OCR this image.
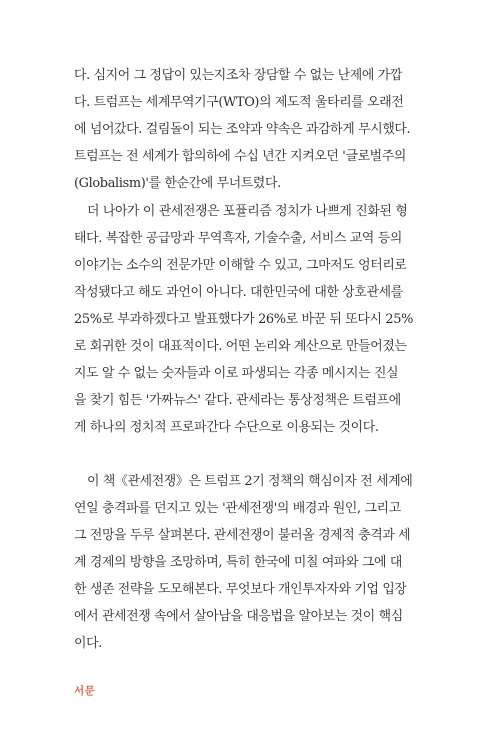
다. 심지어 그 정답이 있는지조차 장담할 수 없는 난제에 가깝
다. 트럼프는 세계무역기구(WTO)의 제도적 울타리를 오래전
에 넘어갔다. 걸림돌이 되는 조약과 약속은 과감하게 무시했다.
트럼프는 전 세계가 합의하에 수십 년간 지켜오던 '글로벌주의
(Globalism)'를 한순간에 무너트렸다.
더 나아가 이 관세전쟁은 포퓰리즘 정치가 나쁘게 진화된 형
태다. 복잡한 공급망과 무역흑자, 기술수출, 서비스 교역 등의
이야기는 소수의 전문가만 이해할 수 있고, 그마저도 엉터리로
작성됐다고 해도 과언이 아니다. 대한민국에 대한 상호관세를
25%로 부과하겠다고 발표했다가 26%로 바꾼 뒤 또다시 25%
로 회귀한 것이 대표적이다. 어떤 논리와 계산으로 만들어졌는
지도 알 수 없는 숫자들과 이로 파생되는 각종 메시지는 진실
을 찾기 힘든 '가짜뉴스' 같다. 관세라는 통상정책은 트럼프에
게 하나의 정치적 프로파간다 수단으로 이용되는 것이다.
이 책《관세전쟁》은 트럼프 2기 정책의 핵심이자 전 세계에
연일 충격파를 던지고 있는 '관세전쟁'의 배경과 원인, 그리고
그 전망을 두루 살펴본다. 관세전쟁이 불러올 경제적 충격과 세
계 경제의 방향을 조망하며, 특히 한국에 미칠 여파와 그에 대
한 생존 전략을 도모해본다. 무엇보다 개인투자자와 기업 입장
에서 관세전쟁 속에서 살아남을 대응법을 알아보는 것이 핵심
이다.
서문
